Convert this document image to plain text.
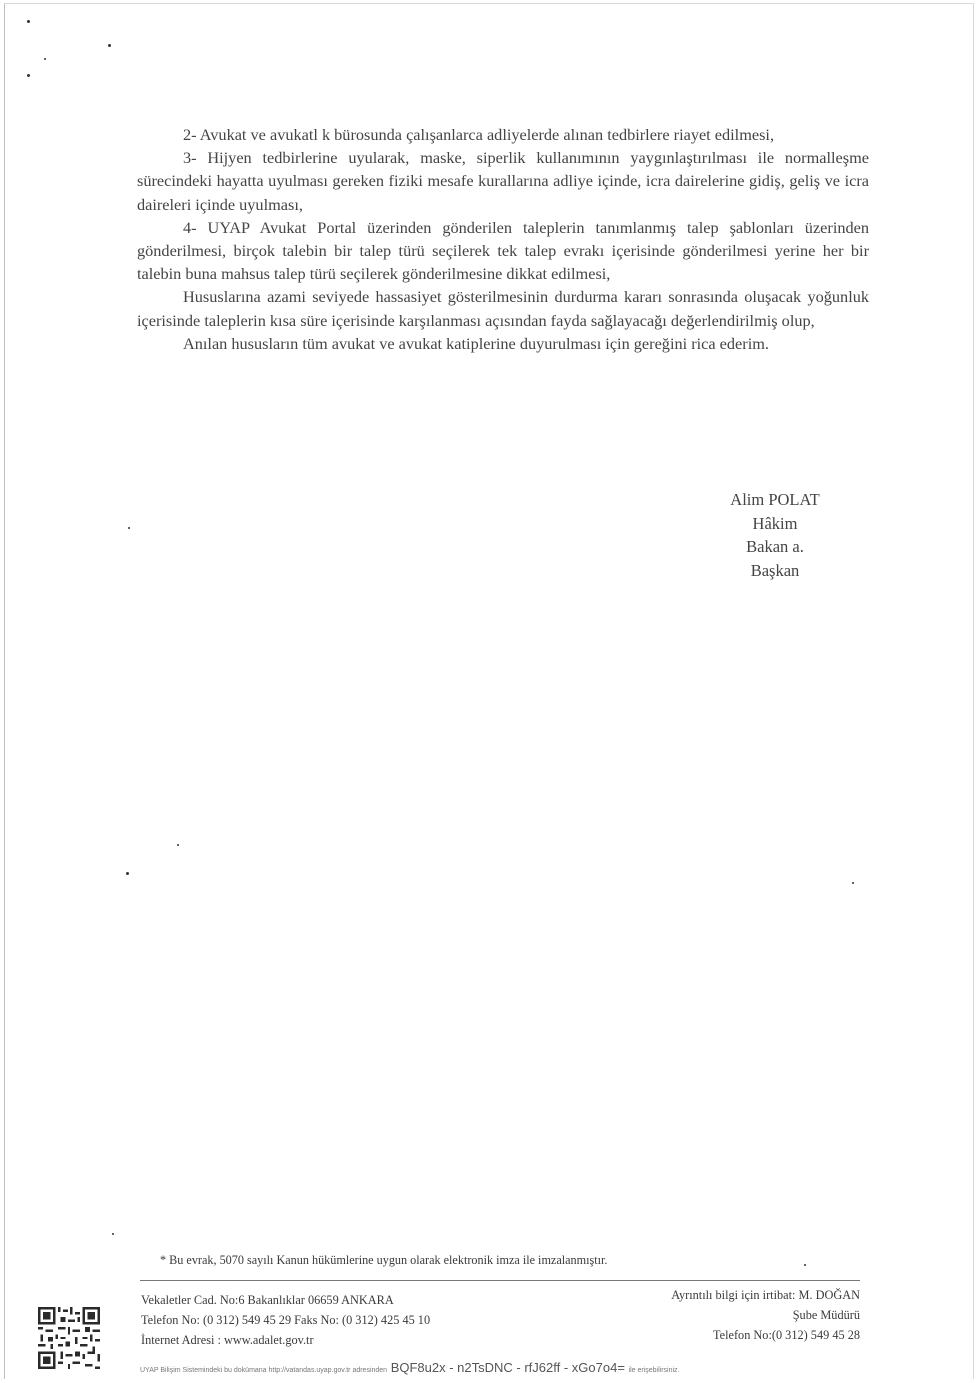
2- Avukat ve avukatl k bürosunda çalışanlarca adliyelerde alınan tedbirlere riayet edilmesi,

3- Hijyen tedbirlerine uyularak, maske, siperlik kullanımının yaygınlaştırılması ile normalleşme sürecindeki hayatta uyulması gereken fiziki mesafe kurallarına adliye içinde, icra dairelerine gidiş, geliş ve icra daireleri içinde uyulması,

4- UYAP Avukat Portal üzerinden gönderilen taleplerin tanımlanmış talep şablonları üzerinden gönderilmesi, birçok talebin bir talep türü seçilerek tek talep evrakı içerisinde gönderilmesi yerine her bir talebin buna mahsus talep türü seçilerek gönderilmesine dikkat edilmesi,

Hususlarına azami seviyede hassasiyet gösterilmesinin durdurma kararı sonrasında oluşacak yoğunluk içerisinde taleplerin kısa süre içerisinde karşılanması açısından fayda sağlayacağı değerlendirilmiş olup,

Anılan hususların tüm avukat ve avukat katiplerine duyurulması için gereğini rica ederim.

Alim POLAT
Hâkim
Bakan a.
Başkan
* Bu evrak, 5070 sayılı Kanun hükümlerine uygun olarak elektronik imza ile imzalanmıştır.
Vekaletler Cad. No:6 Bakanlıklar 06659 ANKARA
Telefon No: (0 312) 549 45 29 Faks No: (0 312) 425 45 10
İnternet Adresi : www.adalet.gov.tr
Ayrıntılı bilgi için irtibat: M. DOĞAN
Şube Müdürü
Telefon No:(0 312) 549 45 28
UYAP Bilişim Sistemindeki bu dokümana http://vatandas.uyap.gov.tr adresinden BQF8u2x - n2TsDNC - rfJ62ff - xGo7o4= ile erişebilirsiniz.
